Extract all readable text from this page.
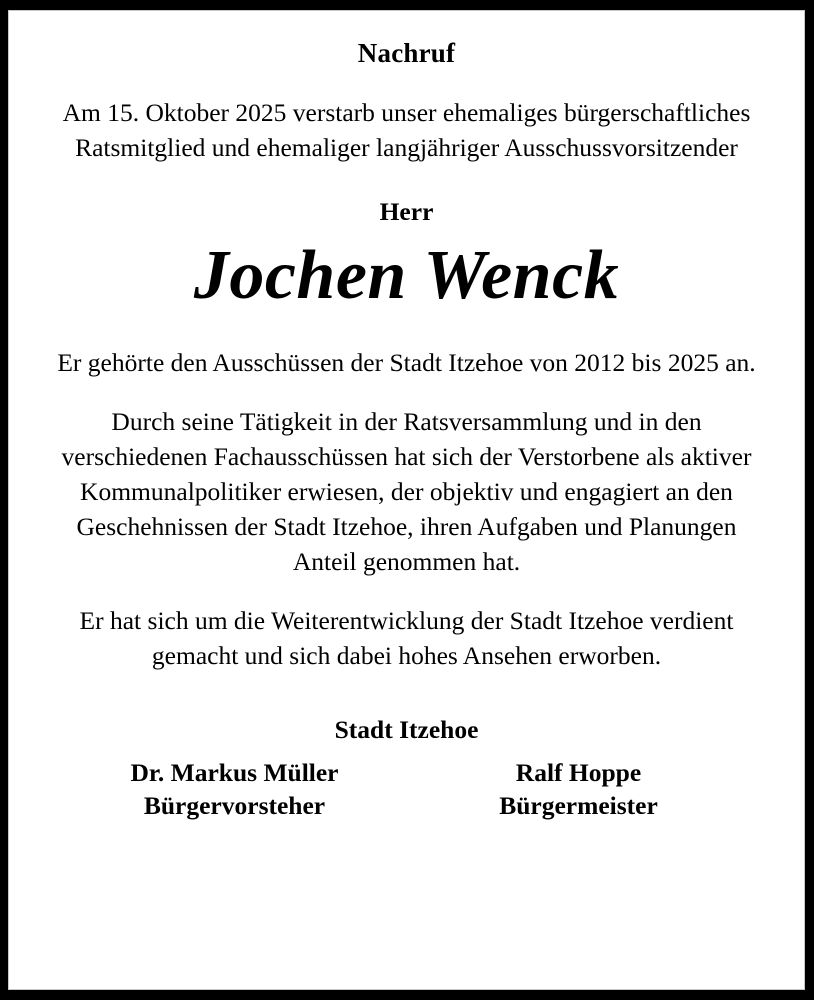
Nachruf

Am 15. Oktober 2025 verstarb unser ehemaliges bürgerschaftliches Ratsmitglied und ehemaliger langjähriger Ausschussvorsitzender

Herr
Jochen Wenck

Er gehörte den Ausschüssen der Stadt Itzehoe von 2012 bis 2025 an.

Durch seine Tätigkeit in der Ratsversammlung und in den verschiedenen Fachausschüssen hat sich der Verstorbene als aktiver Kommunalpolitiker erwiesen, der objektiv und engagiert an den Geschehnissen der Stadt Itzehoe, ihren Aufgaben und Planungen Anteil genommen hat.

Er hat sich um die Weiterentwicklung der Stadt Itzehoe verdient gemacht und sich dabei hohes Ansehen erworben.

Stadt Itzehoe
Dr. Markus Müller
Bürgervorsteher
Ralf Hoppe
Bürgermeister
